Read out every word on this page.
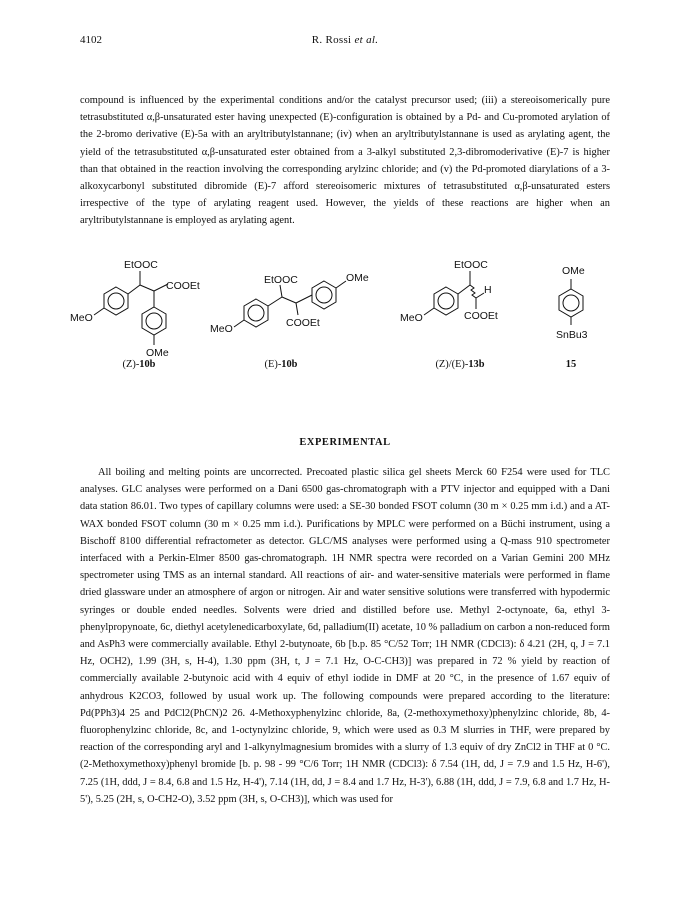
4102	R. Rossi et al.

compound is influenced by the experimental conditions and/or the catalyst precursor used; (iii) a stereoisomerically pure tetrasubstituted α,β-unsaturated ester having unexpected (E)-configuration is obtained by a Pd- and Cu-promoted arylation of the 2-bromo derivative (E)-5a with an aryltributylstannane; (iv) when an aryltributylstannane is used as arylating agent, the yield of the tetrasubstituted α,β-unsaturated ester obtained from a 3-alkyl substituted 2,3-dibromoderivative (E)-7 is higher than that obtained in the reaction involving the corresponding arylzinc chloride; and (v) the Pd-promoted diarylations of a 3-alkoxycarbonyl substituted dibromide (E)-7 afford stereoisomeric mixtures of tetrasubstituted α,β-unsaturated esters irrespective of the type of arylating reagent used. However, the yields of these reactions are higher when an aryltributylstannane is employed as arylating agent.

EtOOC
COOEt
MeO
OMe
EtOOC	OMe
MeO	COOEt
EtOOC
H
MeO	COOEt
OMe
SnBu3
(Z)-10b	(E)-10b	(Z)/(E)-13b	15
EXPERIMENTAL

All boiling and melting points are uncorrected. Precoated plastic silica gel sheets Merck 60 F254 were used for TLC analyses. GLC analyses were performed on a Dani 6500 gas-chromatograph with a PTV injector and equipped with a Dani data station 86.01. Two types of capillary columns were used: a SE-30 bonded FSOT column (30 m × 0.25 mm i.d.) and a AT-WAX bonded FSOT column (30 m × 0.25 mm i.d.). Purifications by MPLC were performed on a Büchi instrument, using a Bischoff 8100 differential refractometer as detector. GLC/MS analyses were performed using a Q-mass 910 spectrometer interfaced with a Perkin-Elmer 8500 gas-chromatograph. 1H NMR spectra were recorded on a Varian Gemini 200 MHz spectrometer using TMS as an internal standard. All reactions of air- and water-sensitive materials were performed in flame dried glassware under an atmosphere of argon or nitrogen. Air and water sensitive solutions were transferred with hypodermic syringes or double ended needles. Solvents were dried and distilled before use. Methyl 2-octynoate, 6a, ethyl 3-phenylpropynoate, 6c, diethyl acetylenedicarboxylate, 6d, palladium(II) acetate, 10 % palladium on carbon a non-reduced form and AsPh3 were commercially available. Ethyl 2-butynoate, 6b [b.p. 85 °C/52 Torr; 1H NMR (CDCl3): δ 4.21 (2H, q, J = 7.1 Hz, OCH2), 1.99 (3H, s, H-4), 1.30 ppm (3H, t, J = 7.1 Hz, O-C-CH3)] was prepared in 72 % yield by reaction of commercially available 2-butynoic acid with 4 equiv of ethyl iodide in DMF at 20 °C, in the presence of 1.67 equiv of anhydrous K2CO3, followed by usual work up. The following compounds were prepared according to the literature: Pd(PPh3)4 25 and PdCl2(PhCN)2 26. 4-Methoxyphenylzinc chloride, 8a, (2-methoxymethoxy)phenylzinc chloride, 8b, 4-fluorophenylzinc chloride, 8c, and 1-octynylzinc chloride, 9, which were used as 0.3 M slurries in THF, were prepared by reaction of the corresponding aryl and 1-alkynylmagnesium bromides with a slurry of 1.3 equiv of dry ZnCl2 in THF at 0 °C. (2-Methoxymethoxy)phenyl bromide [b. p. 98 - 99 °C/6 Torr; 1H NMR (CDCl3): δ 7.54 (1H, dd, J = 7.9 and 1.5 Hz, H-6'), 7.25 (1H, ddd, J = 8.4, 6.8 and 1.5 Hz, H-4'), 7.14 (1H, dd, J = 8.4 and 1.7 Hz, H-3'), 6.88 (1H, ddd, J = 7.9, 6.8 and 1.7 Hz, H-5'), 5.25 (2H, s, O-CH2-O), 3.52 ppm (3H, s, O-CH3)], which was used for
